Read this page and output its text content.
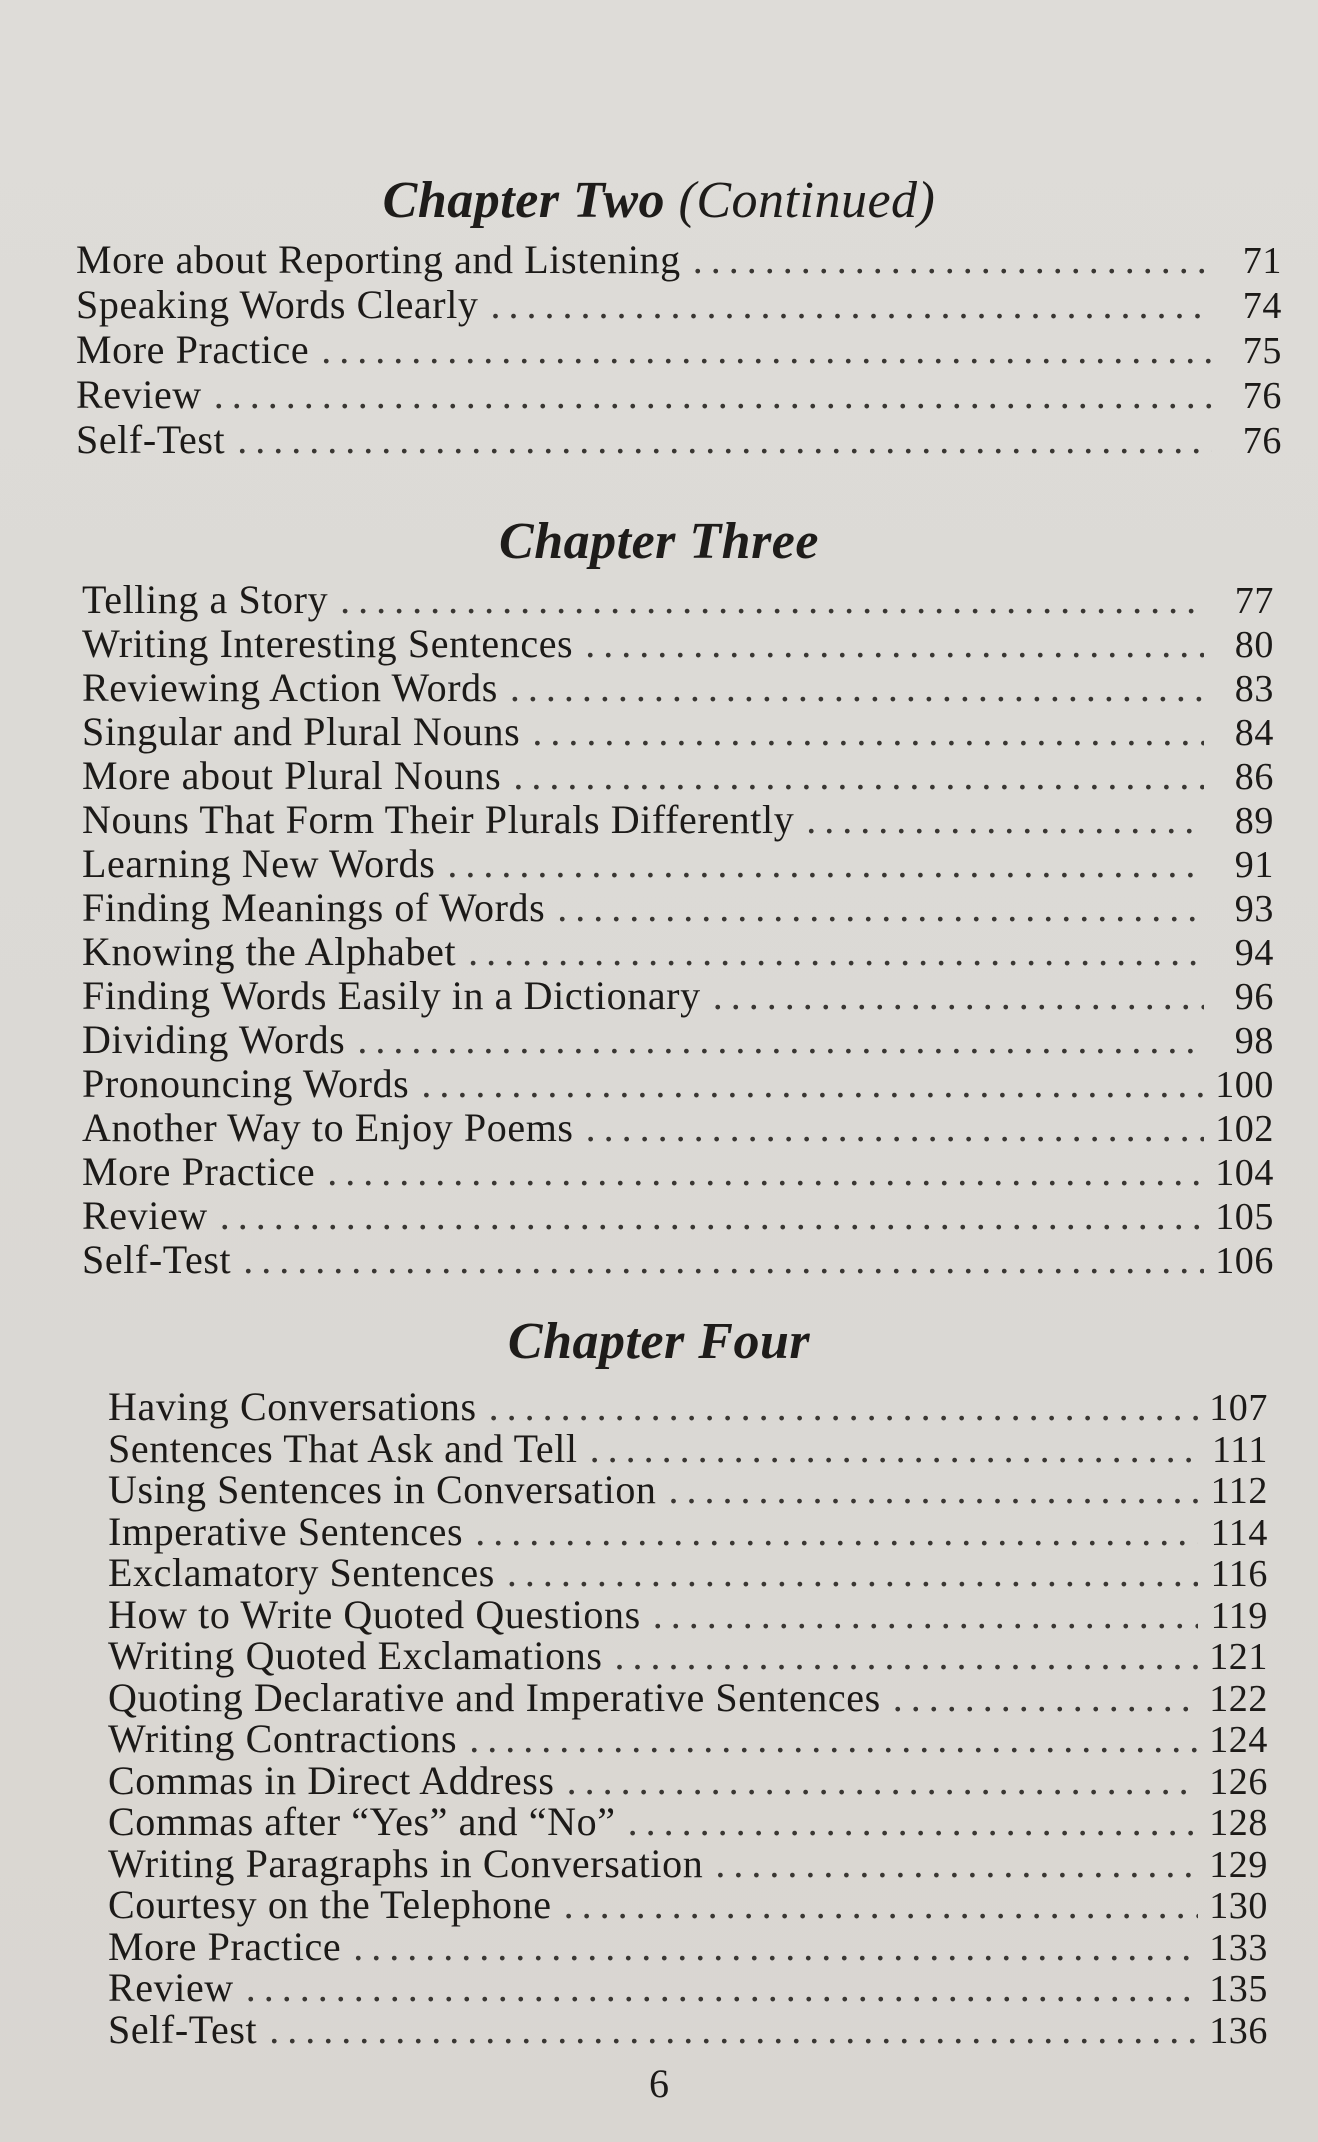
Chapter Two (Continued)
More about Reporting and Listening . . .	71
Speaking Words Clearly . . .	74
More Practice . . .	75
Review . . .	76
Self-Test . . .	76
Chapter Three
Telling a Story . . .	77
Writing Interesting Sentences . . .	80
Reviewing Action Words . . .	83
Singular and Plural Nouns . . .	84
More about Plural Nouns . . .	86
Nouns That Form Their Plurals Differently . . .	89
Learning New Words . . .	91
Finding Meanings of Words . . .	93
Knowing the Alphabet . . .	94
Finding Words Easily in a Dictionary . . .	96
Dividing Words . . .	98
Pronouncing Words . . .	100
Another Way to Enjoy Poems . . .	102
More Practice . . .	104
Review . . .	105
Self-Test . . .	106
Chapter Four
Having Conversations . . .	107
Sentences That Ask and Tell . . .	111
Using Sentences in Conversation . . .	112
Imperative Sentences . . .	114
Exclamatory Sentences . . .	116
How to Write Quoted Questions . . .	119
Writing Quoted Exclamations . . .	121
Quoting Declarative and Imperative Sentences . . .	122
Writing Contractions . . .	124
Commas in Direct Address . . .	126
Commas after “Yes” and “No” . . .	128
Writing Paragraphs in Conversation . . .	129
Courtesy on the Telephone . . .	130
More Practice . . .	133
Review . . .	135
Self-Test . . .	136
6
